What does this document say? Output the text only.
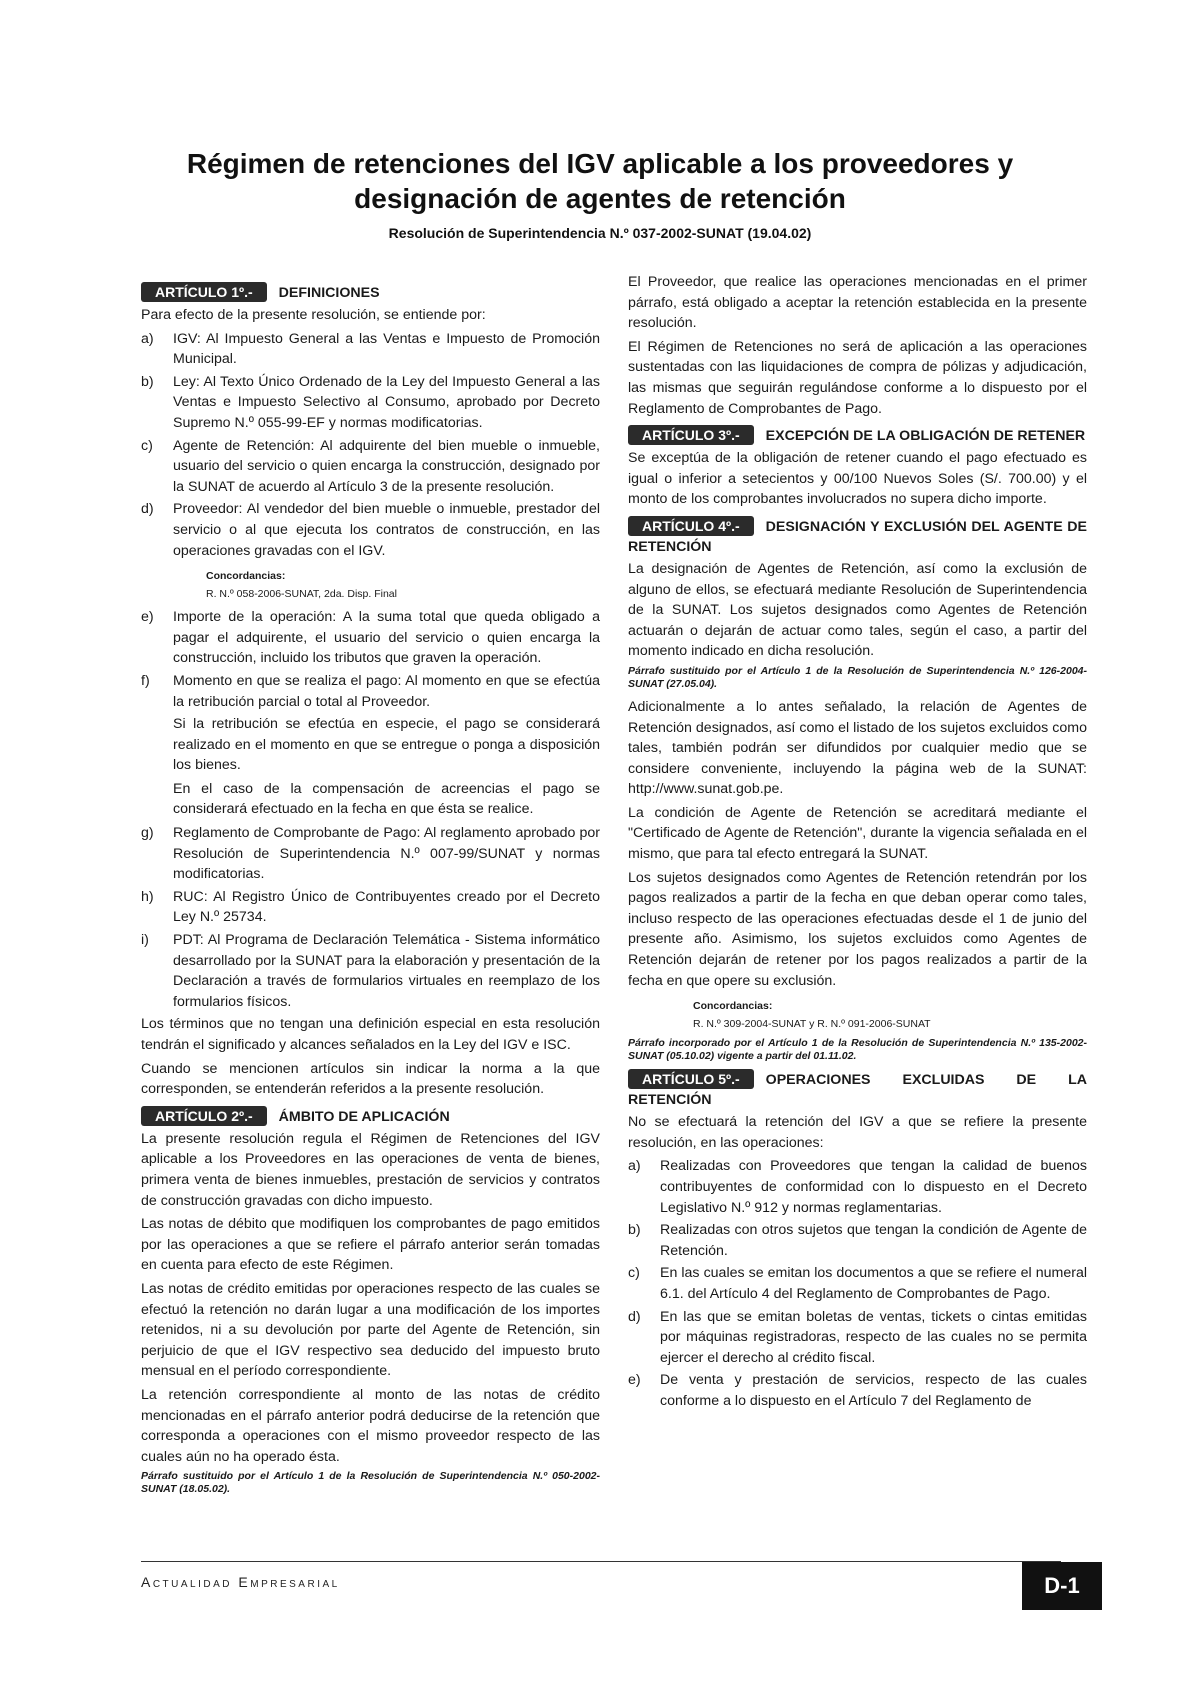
Régimen de retenciones del IGV aplicable a los proveedores y designación de agentes de retención
Resolución de Superintendencia N.º 037-2002-SUNAT (19.04.02)
ARTÍCULO 1º.- DEFINICIONES

Para efecto de la presente resolución, se entiende por:

a)	IGV: Al Impuesto General a las Ventas e Impuesto de Promoción Municipal.
b)	Ley: Al Texto Único Ordenado de la Ley del Impuesto General a las Ventas e Impuesto Selectivo al Consumo, aprobado por Decreto Supremo N.º 055-99-EF y normas modificatorias.
c)	Agente de Retención: Al adquirente del bien mueble o inmueble, usuario del servicio o quien encarga la construcción, designado por la SUNAT de acuerdo al Artículo 3 de la presente resolución.
d)	Proveedor: Al vendedor del bien mueble o inmueble, prestador del servicio o al que ejecuta los contratos de construcción, en las operaciones gravadas con el IGV.
Concordancias:
R. N.º 058-2006-SUNAT, 2da. Disp. Final
e)	Importe de la operación: A la suma total que queda obligado a pagar el adquirente, el usuario del servicio o quien encarga la construcción, incluido los tributos que graven la operación.
f)	Momento en que se realiza el pago: Al momento en que se efectúa la retribución parcial o total al Proveedor.

Si la retribución se efectúa en especie, el pago se considerará realizado en el momento en que se entregue o ponga a disposición los bienes.

En el caso de la compensación de acreencias el pago se considerará efectuado en la fecha en que ésta se realice.

g)	Reglamento de Comprobante de Pago: Al reglamento aprobado por Resolución de Superintendencia N.º 007-99/SUNAT y normas modificatorias.
h)	RUC: Al Registro Único de Contribuyentes creado por el Decreto Ley N.º 25734.
i)	PDT: Al Programa de Declaración Telemática - Sistema informático desarrollado por la SUNAT para la elaboración y presentación de la Declaración a través de formularios virtuales en reemplazo de los formularios físicos.

Los términos que no tengan una definición especial en esta resolución tendrán el significado y alcances señalados en la Ley del IGV e ISC.

Cuando se mencionen artículos sin indicar la norma a la que corresponden, se entenderán referidos a la presente resolución.

ARTÍCULO 2º.- ÁMBITO DE APLICACIÓN

La presente resolución regula el Régimen de Retenciones del IGV aplicable a los Proveedores en las operaciones de venta de bienes, primera venta de bienes inmuebles, prestación de servicios y contratos de construcción gravadas con dicho impuesto.

Las notas de débito que modifiquen los comprobantes de pago emitidos por las operaciones a que se refiere el párrafo anterior serán tomadas en cuenta para efecto de este Régimen.

Las notas de crédito emitidas por operaciones respecto de las cuales se efectuó la retención no darán lugar a una modificación de los importes retenidos, ni a su devolución por parte del Agente de Retención, sin perjuicio de que el IGV respectivo sea deducido del impuesto bruto mensual en el período correspondiente.

La retención correspondiente al monto de las notas de crédito mencionadas en el párrafo anterior podrá deducirse de la retención que corresponda a operaciones con el mismo proveedor respecto de las cuales aún no ha operado ésta.

Párrafo sustituido por el Artículo 1 de la Resolución de Superintendencia N.º 050-2002-SUNAT (18.05.02).

El Proveedor, que realice las operaciones mencionadas en el primer párrafo, está obligado a aceptar la retención establecida en la presente resolución.

El Régimen de Retenciones no será de aplicación a las operaciones sustentadas con las liquidaciones de compra de pólizas y adjudicación, las mismas que seguirán regulándose conforme a lo dispuesto por el Reglamento de Comprobantes de Pago.

ARTÍCULO 3º.- EXCEPCIÓN DE LA OBLIGACIÓN DE RETENER

Se exceptúa de la obligación de retener cuando el pago efectuado es igual o inferior a setecientos y 00/100 Nuevos Soles (S/. 700.00) y el monto de los comprobantes involucrados no supera dicho importe.

ARTÍCULO 4º.- DESIGNACIÓN Y EXCLUSIÓN DEL AGENTE DE RETENCIÓN

La designación de Agentes de Retención, así como la exclusión de alguno de ellos, se efectuará mediante Resolución de Superintendencia de la SUNAT. Los sujetos designados como Agentes de Retención actuarán o dejarán de actuar como tales, según el caso, a partir del momento indicado en dicha resolución.

Párrafo sustituido por el Artículo 1 de la Resolución de Superintendencia N.º 126-2004-SUNAT (27.05.04).

Adicionalmente a lo antes señalado, la relación de Agentes de Retención designados, así como el listado de los sujetos excluidos como tales, también podrán ser difundidos por cualquier medio que se considere conveniente, incluyendo la página web de la SUNAT: http://www.sunat.gob.pe.

La condición de Agente de Retención se acreditará mediante el "Certificado de Agente de Retención", durante la vigencia señalada en el mismo, que para tal efecto entregará la SUNAT.

Los sujetos designados como Agentes de Retención retendrán por los pagos realizados a partir de la fecha en que deban operar como tales, incluso respecto de las operaciones efectuadas desde el 1 de junio del presente año. Asimismo, los sujetos excluidos como Agentes de Retención dejarán de retener por los pagos realizados a partir de la fecha en que opere su exclusión.

Concordancias:
R. N.º 309-2004-SUNAT y R. N.º 091-2006-SUNAT

Párrafo incorporado por el Artículo 1 de la Resolución de Superintendencia N.º 135-2002-SUNAT (05.10.02) vigente a partir del 01.11.02.

ARTÍCULO 5º.- OPERACIONES EXCLUIDAS DE LA RETENCIÓN

No se efectuará la retención del IGV a que se refiere la presente resolución, en las operaciones:

a)	Realizadas con Proveedores que tengan la calidad de buenos contribuyentes de conformidad con lo dispuesto en el Decreto Legislativo N.º 912 y normas reglamentarias.
b)	Realizadas con otros sujetos que tengan la condición de Agente de Retención.
c)	En las cuales se emitan los documentos a que se refiere el numeral 6.1. del Artículo 4 del Reglamento de Comprobantes de Pago.
d)	En las que se emitan boletas de ventas, tickets o cintas emitidas por máquinas registradoras, respecto de las cuales no se permita ejercer el derecho al crédito fiscal.
e)	De venta y prestación de servicios, respecto de las cuales conforme a lo dispuesto en el Artículo 7 del Reglamento de
Actualidad Empresarial	D-1
